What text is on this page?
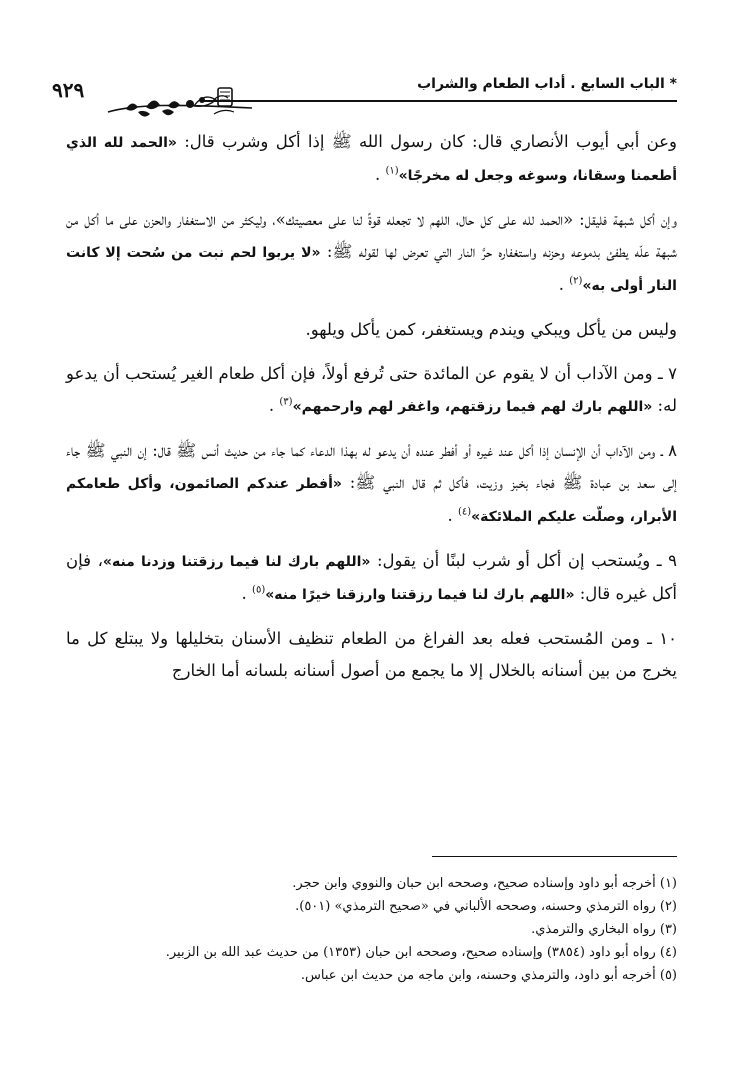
* الباب السابع . أداب الطعام والشراب
٩٢٩

وعن أبي أيوب الأنصاري قال: كان رسول الله ﷺ إذا أكل وشرب قال: «الحمد لله الذي أطعمنا وسقانا، وسوغه وجعل له مخرجًا»$^{(١)}$ .

وإن أكل شبهة فليقل: «الحمد لله على كل حال، اللهم لا تجعله قوةً لنا على معصيتك»، وليكثر من الاستغفار والحزن على ما أكل من شبهة علّه يطفئ بدموعه وحزنه واستغفاره حرَّ النار التي تعرض لها لقوله ﷺ: «لا يربوا لحم نبت من سُحت إلا كانت النار أولى به»$^{(٢)}$ .

وليس من يأكل ويبكي ويندم ويستغفر، كمن يأكل ويلهو.

٧ ـ ومن الآداب أن لا يقوم عن المائدة حتى تُرفع أولاً، فإن أكل طعام الغير يُستحب أن يدعو له: «اللهم بارك لهم فيما رزقتهم، واغفر لهم وارحمهم»$^{(٣)}$ .

٨ ـ ومن الآداب أن الإنسان إذا أكل عند غيره أو أفطر عنده أن يدعو له بهذا الدعاء كما جاء من حديث أنس ﷺ قال: إن النبي ﷺ جاء إلى سعد بن عبادة ﷺ فجاء بخبز وزيت، فأكل ثم قال النبي ﷺ: «أفطر عندكم الصائمون، وأكل طعامكم الأبرار، وصلّت عليكم الملائكة»$^{(٤)}$ .

٩ ـ ويُستحب إن أكل أو شرب لبنًا أن يقول: «اللهم بارك لنا فيما رزقتنا وزدنا منه»، فإن أكل غيره قال: «اللهم بارك لنا فيما رزقتنا وارزقنا خيرًا منه»$^{(٥)}$ .

١٠ ـ ومن المُستحب فعله بعد الفراغ من الطعام تنظيف الأسنان بتخليلها ولا يبتلع كل ما يخرج من بين أسنانه بالخلال إلا ما يجمع من أصول أسنانه بلسانه أما الخارج

(١) أخرجه أبو داود وإسناده صحيح، وصححه ابن حبان والنووي وابن حجر.
(٢) رواه الترمذي وحسنه، وصححه الألباني في «صحيح الترمذي» (٥٠١).
(٣) رواه البخاري والترمذي.
(٤) رواه أبو داود (٣٨٥٤) وإسناده صحيح، وصححه ابن حبان (١٣٥٣) من حديث عبد الله بن الزبير.
(٥) أخرجه أبو داود، والترمذي وحسنه، وابن ماجه من حديث ابن عباس.
